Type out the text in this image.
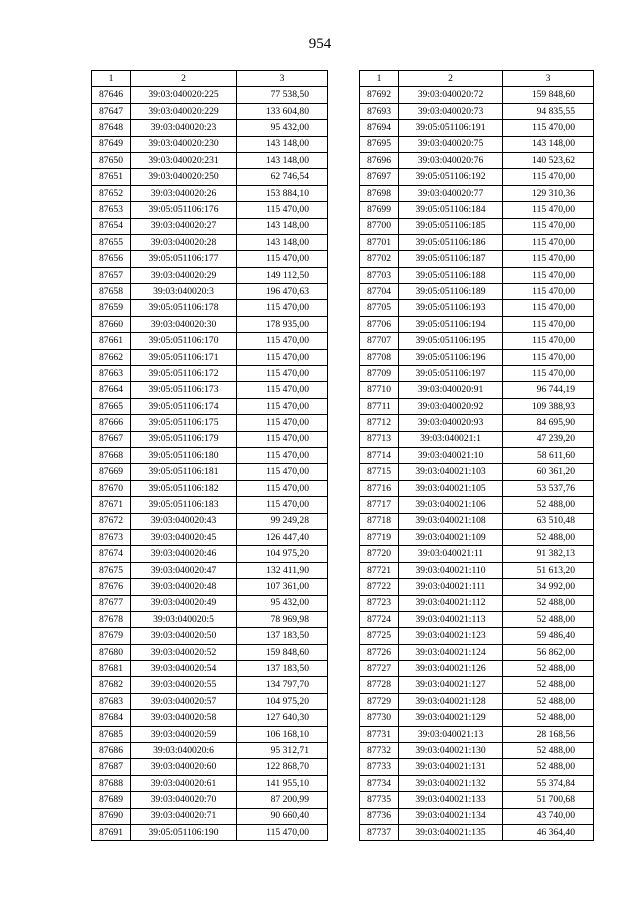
954
1	2	3
87646	39:03:040020:225	77 538,50
87647	39:03:040020:229	133 604,80
87648	39:03:040020:23	95 432,00
87649	39:03:040020:230	143 148,00
87650	39:03:040020:231	143 148,00
87651	39:03:040020:250	62 746,54
87652	39:03:040020:26	153 884,10
87653	39:05:051106:176	115 470,00
87654	39:03:040020:27	143 148,00
87655	39:03:040020:28	143 148,00
87656	39:05:051106:177	115 470,00
87657	39:03:040020:29	149 112,50
87658	39:03:040020:3	196 470,63
87659	39:05:051106:178	115 470,00
87660	39:03:040020:30	178 935,00
87661	39:05:051106:170	115 470,00
87662	39:05:051106:171	115 470,00
87663	39:05:051106:172	115 470,00
87664	39:05:051106:173	115 470,00
87665	39:05:051106:174	115 470,00
87666	39:05:051106:175	115 470,00
87667	39:05:051106:179	115 470,00
87668	39:05:051106:180	115 470,00
87669	39:05:051106:181	115 470,00
87670	39:05:051106:182	115 470,00
87671	39:05:051106:183	115 470,00
87672	39:03:040020:43	99 249,28
87673	39:03:040020:45	126 447,40
87674	39:03:040020:46	104 975,20
87675	39:03:040020:47	132 411,90
87676	39:03:040020:48	107 361,00
87677	39:03:040020:49	95 432,00
87678	39:03:040020:5	78 969,98
87679	39:03:040020:50	137 183,50
87680	39:03:040020:52	159 848,60
87681	39:03:040020:54	137 183,50
87682	39:03:040020:55	134 797,70
87683	39:03:040020:57	104 975,20
87684	39:03:040020:58	127 640,30
87685	39:03:040020:59	106 168,10
87686	39:03:040020:6	95 312,71
87687	39:03:040020:60	122 868,70
87688	39:03:040020:61	141 955,10
87689	39:03:040020:70	87 200,99
87690	39:03:040020:71	90 660,40
87691	39:05:051106:190	115 470,00
1	2	3
87692	39:03:040020:72	159 848,60
87693	39:03:040020:73	94 835,55
87694	39:05:051106:191	115 470,00
87695	39:03:040020:75	143 148,00
87696	39:03:040020:76	140 523,62
87697	39:05:051106:192	115 470,00
87698	39:03:040020:77	129 310,36
87699	39:05:051106:184	115 470,00
87700	39:05:051106:185	115 470,00
87701	39:05:051106:186	115 470,00
87702	39:05:051106:187	115 470,00
87703	39:05:051106:188	115 470,00
87704	39:05:051106:189	115 470,00
87705	39:05:051106:193	115 470,00
87706	39:05:051106:194	115 470,00
87707	39:05:051106:195	115 470,00
87708	39:05:051106:196	115 470,00
87709	39:05:051106:197	115 470,00
87710	39:03:040020:91	96 744,19
87711	39:03:040020:92	109 388,93
87712	39:03:040020:93	84 695,90
87713	39:03:040021:1	47 239,20
87714	39:03:040021:10	58 611,60
87715	39:03:040021:103	60 361,20
87716	39:03:040021:105	53 537,76
87717	39:03:040021:106	52 488,00
87718	39:03:040021:108	63 510,48
87719	39:03:040021:109	52 488,00
87720	39:03:040021:11	91 382,13
87721	39:03:040021:110	51 613,20
87722	39:03:040021:111	34 992,00
87723	39:03:040021:112	52 488,00
87724	39:03:040021:113	52 488,00
87725	39:03:040021:123	59 486,40
87726	39:03:040021:124	56 862,00
87727	39:03:040021:126	52 488,00
87728	39:03:040021:127	52 488,00
87729	39:03:040021:128	52 488,00
87730	39:03:040021:129	52 488,00
87731	39:03:040021:13	28 168,56
87732	39:03:040021:130	52 488,00
87733	39:03:040021:131	52 488,00
87734	39:03:040021:132	55 374,84
87735	39:03:040021:133	51 700,68
87736	39:03:040021:134	43 740,00
87737	39:03:040021:135	46 364,40
